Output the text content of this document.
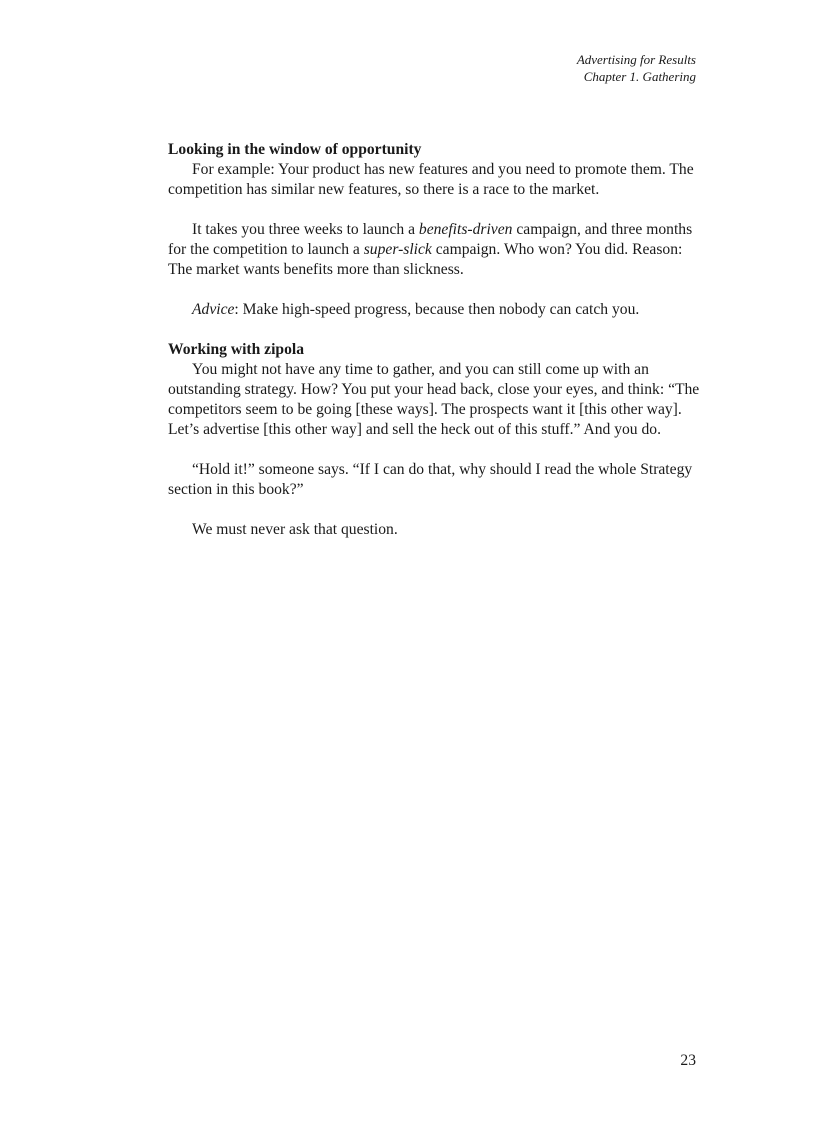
Advertising for Results
Chapter 1. Gathering

Looking in the window of opportunity

For example: Your product has new features and you need to promote them. The competition has similar new features, so there is a race to the market.

It takes you three weeks to launch a benefits-driven campaign, and three months for the competition to launch a super-slick campaign. Who won? You did. Reason: The market wants benefits more than slickness.

Advice: Make high-speed progress, because then nobody can catch you.

Working with zipola

You might not have any time to gather, and you can still come up with an outstanding strategy. How? You put your head back, close your eyes, and think: “The competitors seem to be going [these ways]. The prospects want it [this other way]. Let’s advertise [this other way] and sell the heck out of this stuff.” And you do.

“Hold it!” someone says. “If I can do that, why should I read the whole Strategy section in this book?”

We must never ask that question.

23
